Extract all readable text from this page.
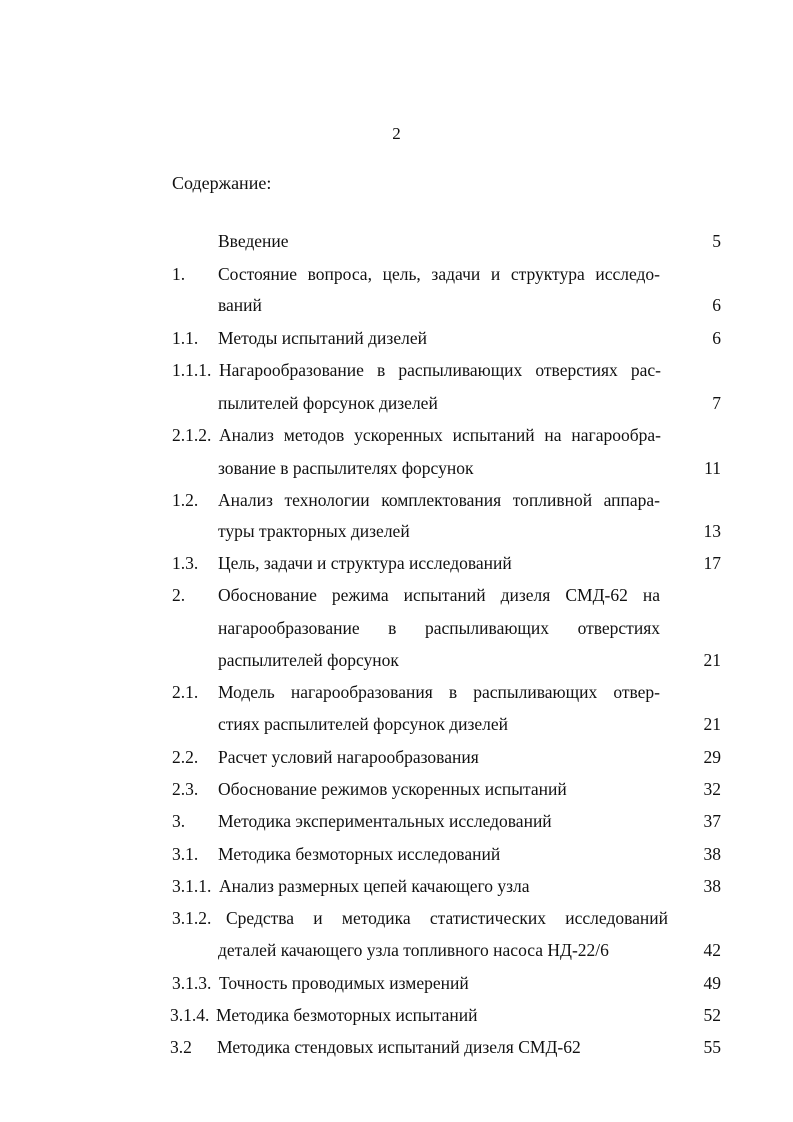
2
Содержание:
Введение	5
1. Состояние вопроса, цель, задачи и структура исследо-
ваний	6
1.1. Методы испытаний дизелей	6
1.1.1. Нагарообразование в распыливающих отверстиях рас-
пылителей форсунок дизелей	7
2.1.2. Анализ методов ускоренных испытаний на нагарообра-
зование в распылителях форсунок	11
1.2. Анализ технологии комплектования топливной аппара-
туры тракторных дизелей	13
1.3. Цель, задачи и структура исследований	17
2. Обоснование режима испытаний дизеля СМД-62 на
нагарообразование в распыливающих отверстиях
распылителей форсунок	21
2.1. Модель нагарообразования в распыливающих отвер-
стиях распылителей форсунок дизелей	21
2.2. Расчет условий нагарообразования	29
2.3. Обоснование режимов ускоренных испытаний	32
3. Методика экспериментальных исследований	37
3.1. Методика безмоторных исследований	38
3.1.1. Анализ размерных цепей качающего узла	38
3.1.2. Средства и методика статистических исследований
деталей качающего узла топливного насоса НД-22/6	42
3.1.3. Точность проводимых измерений	49
3.1.4. Методика безмоторных испытаний	52
3.2 Методика стендовых испытаний дизеля СМД-62	55
